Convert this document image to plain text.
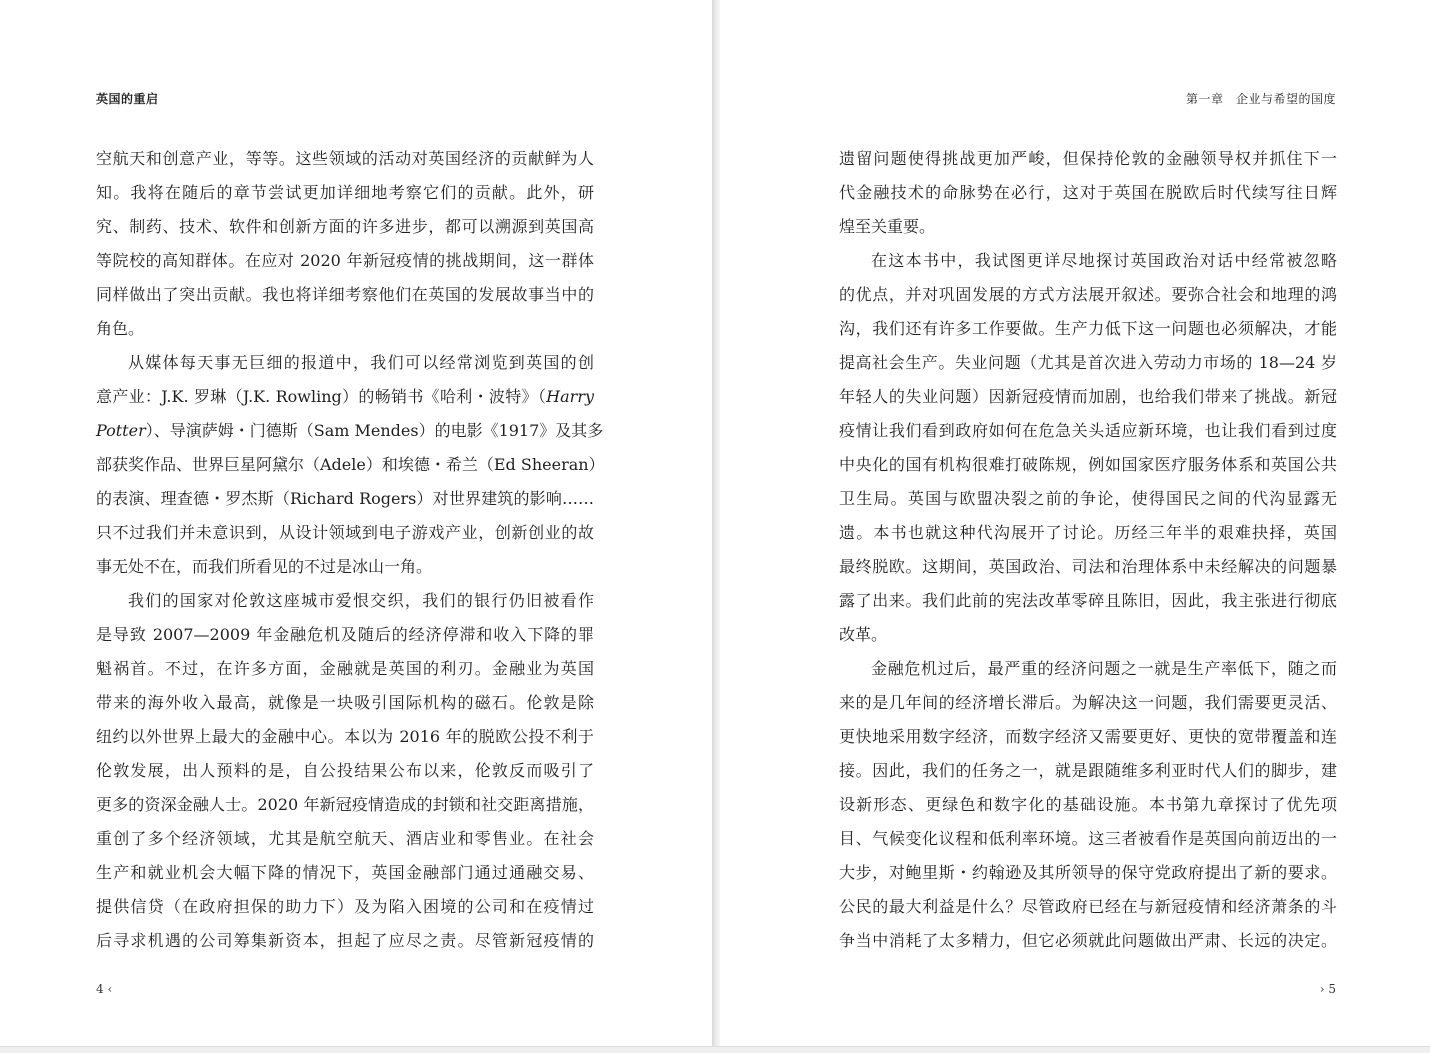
英国的重启
空航天和创意产业，等等。这些领域的活动对英国经济的贡献鲜为人
知。我将在随后的章节尝试更加详细地考察它们的贡献。此外，研
究、制药、技术、软件和创新方面的许多进步，都可以溯源到英国高
等院校的高知群体。在应对 2020 年新冠疫情的挑战期间，这一群体
同样做出了突出贡献。我也将详细考察他们在英国的发展故事当中的
角色。
从媒体每天事无巨细的报道中，我们可以经常浏览到英国的创
意产业：J.K. 罗琳（J.K. Rowling）的畅销书《哈利・波特》（Harry
Potter）、导演萨姆・门德斯（Sam Mendes）的电影《1917》及其多
部获奖作品、世界巨星阿黛尔（Adele）和埃德・希兰（Ed Sheeran）
的表演、理查德・罗杰斯（Richard Rogers）对世界建筑的影响……
只不过我们并未意识到，从设计领域到电子游戏产业，创新创业的故
事无处不在，而我们所看见的不过是冰山一角。
我们的国家对伦敦这座城市爱恨交织，我们的银行仍旧被看作
是导致 2007—2009 年金融危机及随后的经济停滞和收入下降的罪
魁祸首。不过，在许多方面，金融就是英国的利刃。金融业为英国
带来的海外收入最高，就像是一块吸引国际机构的磁石。伦敦是除
纽约以外世界上最大的金融中心。本以为 2016 年的脱欧公投不利于
伦敦发展，出人预料的是，自公投结果公布以来，伦敦反而吸引了
更多的资深金融人士。2020 年新冠疫情造成的封锁和社交距离措施，
重创了多个经济领域，尤其是航空航天、酒店业和零售业。在社会
生产和就业机会大幅下降的情况下，英国金融部门通过通融交易、
提供信贷（在政府担保的助力下）及为陷入困境的公司和在疫情过
后寻求机遇的公司筹集新资本，担起了应尽之责。尽管新冠疫情的
4 ‹
第一章　企业与希望的国度
遗留问题使得挑战更加严峻，但保持伦敦的金融领导权并抓住下一
代金融技术的命脉势在必行，这对于英国在脱欧后时代续写往日辉
煌至关重要。
在这本书中，我试图更详尽地探讨英国政治对话中经常被忽略
的优点，并对巩固发展的方式方法展开叙述。要弥合社会和地理的鸿
沟，我们还有许多工作要做。生产力低下这一问题也必须解决，才能
提高社会生产。失业问题（尤其是首次进入劳动力市场的 18—24 岁
年轻人的失业问题）因新冠疫情而加剧，也给我们带来了挑战。新冠
疫情让我们看到政府如何在危急关头适应新环境，也让我们看到过度
中央化的国有机构很难打破陈规，例如国家医疗服务体系和英国公共
卫生局。英国与欧盟决裂之前的争论，使得国民之间的代沟显露无
遗。本书也就这种代沟展开了讨论。历经三年半的艰难抉择，英国
最终脱欧。这期间，英国政治、司法和治理体系中未经解决的问题暴
露了出来。我们此前的宪法改革零碎且陈旧，因此，我主张进行彻底
改革。
金融危机过后，最严重的经济问题之一就是生产率低下，随之而
来的是几年间的经济增长滞后。为解决这一问题，我们需要更灵活、
更快地采用数字经济，而数字经济又需要更好、更快的宽带覆盖和连
接。因此，我们的任务之一，就是跟随维多利亚时代人们的脚步，建
设新形态、更绿色和数字化的基础设施。本书第九章探讨了优先项
目、气候变化议程和低利率环境。这三者被看作是英国向前迈出的一
大步，对鲍里斯・约翰逊及其所领导的保守党政府提出了新的要求。
公民的最大利益是什么？尽管政府已经在与新冠疫情和经济萧条的斗
争当中消耗了太多精力，但它必须就此问题做出严肃、长远的决定。
› 5
